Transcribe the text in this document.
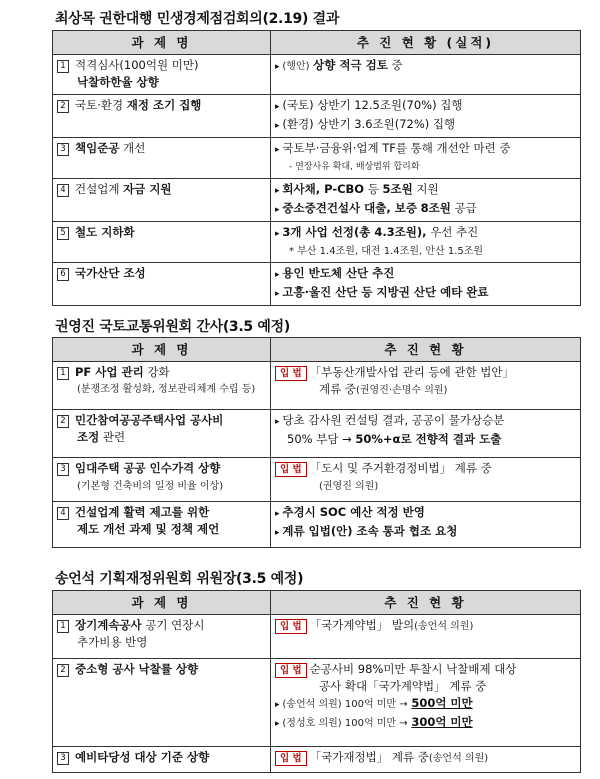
최상목 권한대행 민생경제점검회의(2.19) 결과
과 제 명	추 진 현 황 (실적)
1 적격심사(100억원 미만)
낙찰하한율 상향	▸ (행안) 상향 적극 검토 중
2 국토·환경 재정 조기 집행	▸(국토) 상반기 12.5조원(70%) 집행
▸ (환경) 상반기 3.6조원(72%) 집행
3 책임준공 개선	▸국토부·금융위·업계 TF를 통해 개선안 마련 중

- 연장사유 확대, 배상범위 합리화

4 건설업계 자금 지원	▸회사채, P-CBO 등 5조원 지원
▸ 중소중견건설사 대출, 보증 8조원 공급
5 철도 지하화	▸3개 사업 선정(총 4.3조원), 우선 추진

* 부산 1.4조원, 대전 1.4조원, 안산 1.5조원

6 국가산단 조성	▸용인 반도체 산단 추진
▸ 고흥·울진 산단 등 지방권 산단 예타 완료
권영진 국토교통위원회 간사(3.5 예정)
과 제 명	추 진 현 황
1 PF 사업 관리 강화

(분쟁조정 활성화, 정보관리체계 수립 등)	입 법 「부동산개발사업 관리 등에 관한 법안」
계류 중(권영진·손명수 의원)
2 민간참여공공주택사업 공사비
조정 관련	▸ 당초 감사원 컨설팅 결과, 공공이 물가상승분
50% 부담 → 50%+α로 전향적 결과 도출
3 임대주택 공공 인수가격 상향
(기본형 건축비의 일정 비율 이상)	입 법 「도시 및 주거환경정비법」 계류 중
(권영진 의원)
4 건설업계 활력 제고를 위한
제도 개선 과제 및 정책 제언	▸ 추경시 SOC 예산 적정 반영
▸ 계류 입법(안) 조속 통과 협조 요청
송언석 기획재정위원회 위원장(3.5 예정)
과 제 명	추 진 현 황
1 장기계속공사 공기 연장시
추가비용 반영	입 법 「국가계약법」 발의(송언석 의원)
2 중소형 공사 낙찰률 상향	입 법 순공사비 98%미만 투찰시 낙찰배제 대상
공사 확대「국가계약법」 계류 중
▸ (송언석 의원) 100억 미만 → 500억 미만
▸ (정성호 의원) 100억 미만 → 300억 미만
3 예비타당성 대상 기준 상향	입 법 「국가재정법」 계류 중(송언석 의원)
